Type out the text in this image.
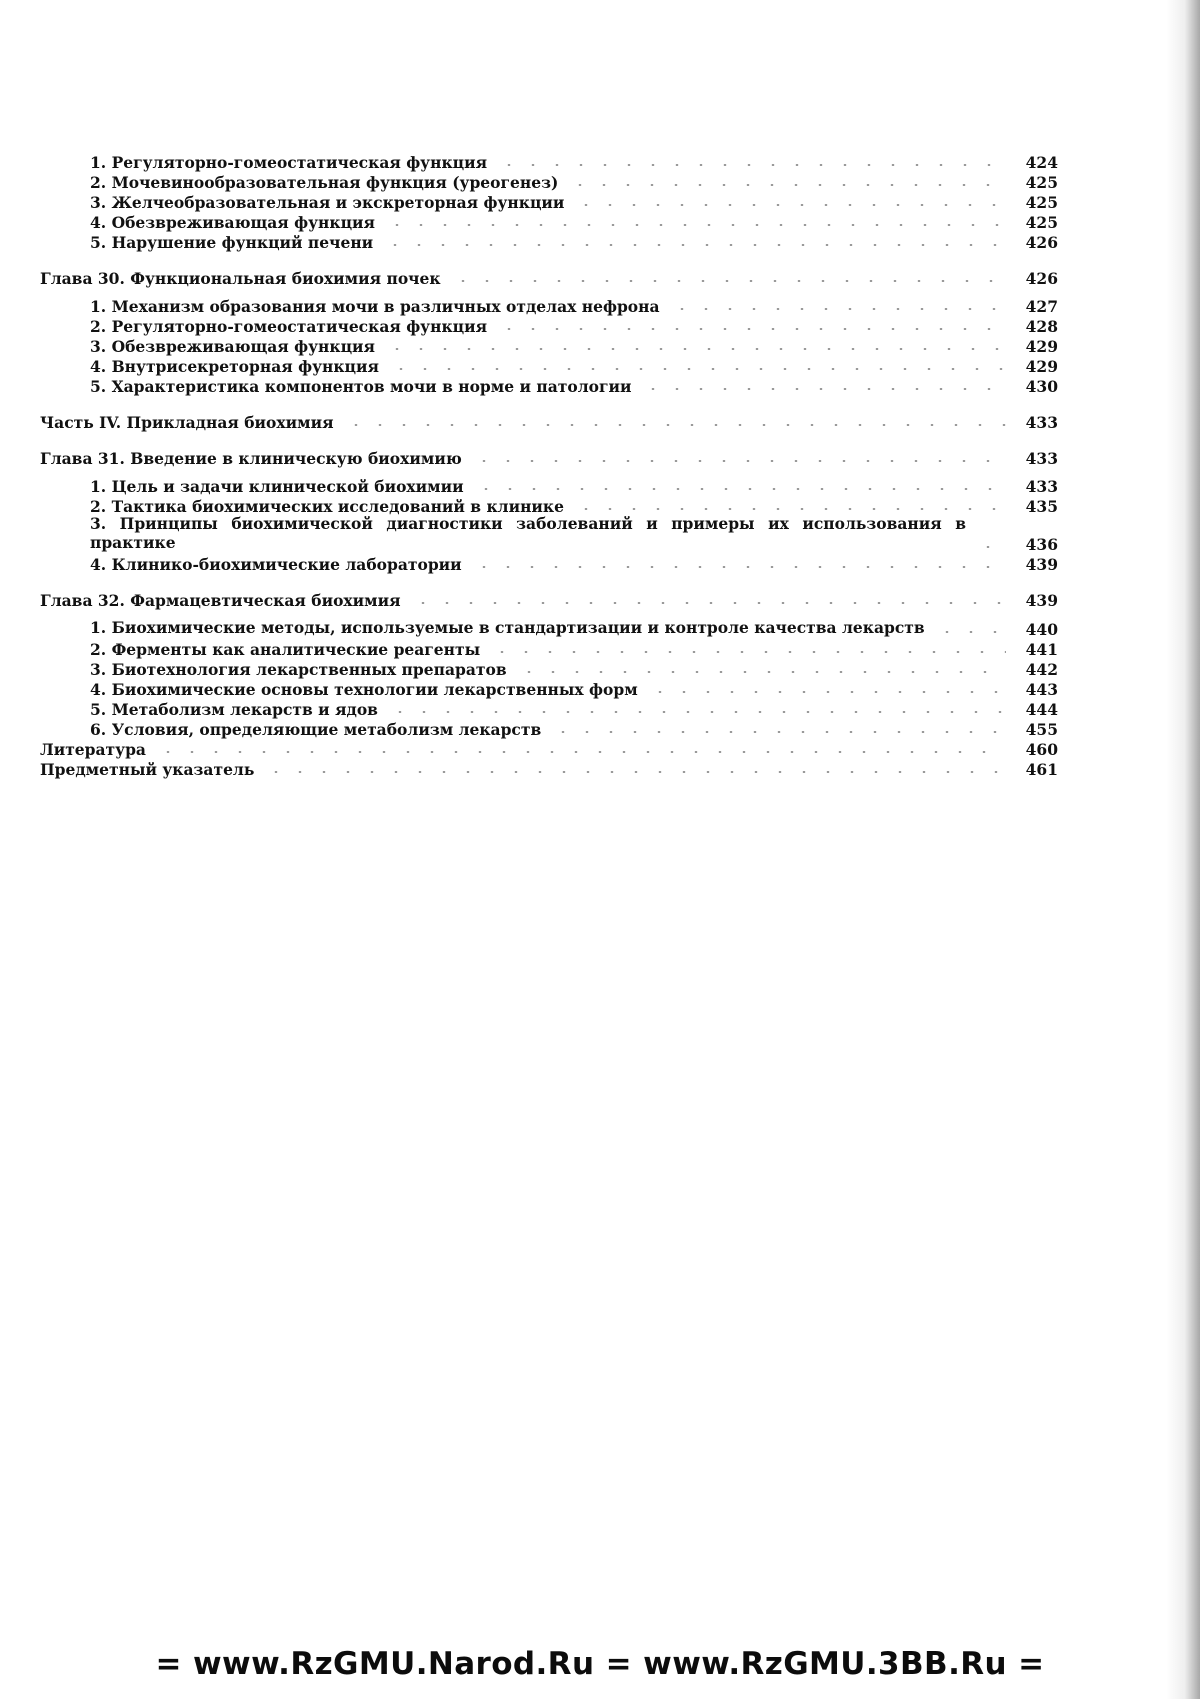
1. Регуляторно-гомеостатическая функция	424
2. Мочевинообразовательная функция (уреогенез)	425
3. Желчеобразовательная и экскреторная функции	425
4. Обезвреживающая функция	425
5. Нарушение функций печени	426
Глава 30. Функциональная биохимия почек	426
1. Механизм образования мочи в различных отделах нефрона	427
2. Регуляторно-гомеостатическая функция	428
3. Обезвреживающая функция	429
4. Внутрисекреторная функция	429
5. Характеристика компонентов мочи в норме и патологии	430
Часть IV. Прикладная биохимия	433
Глава 31. Введение в клиническую биохимию	433
1. Цель и задачи клинической биохимии	433
2. Тактика биохимических исследований в клинике	435
3. Принципы биохимической диагностики заболеваний и примеры их использования в практике	436
4. Клинико-биохимические лаборатории	439
Глава 32. Фармацевтическая биохимия	439
1. Биохимические методы, используемые в стандартизации и контроле качества лекарств	440
2. Ферменты как аналитические реагенты	441
3. Биотехнология лекарственных препаратов	442
4. Биохимические основы технологии лекарственных форм	443
5. Метаболизм лекарств и ядов	444
6. Условия, определяющие метаболизм лекарств	455
Литература	460
Предметный указатель	461
= www.RzGMU.Narod.Ru = www.RzGMU.3BB.Ru =
